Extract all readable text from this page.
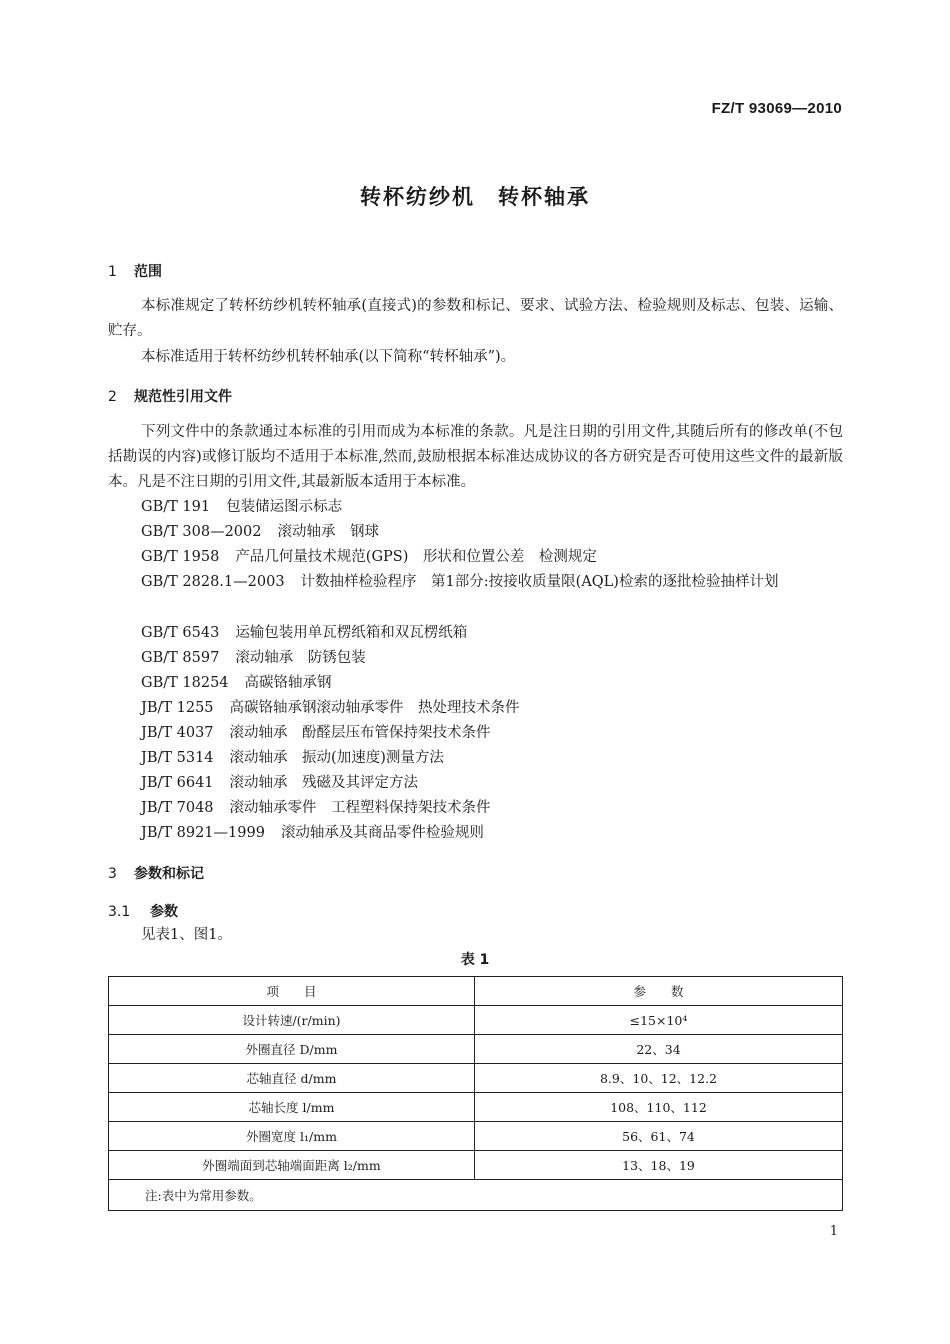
FZ/T 93069—2010
转杯纺纱机　转杯轴承
1 范围
本标准规定了转杯纺纱机转杯轴承(直接式)的参数和标记、要求、试验方法、检验规则及标志、包装、运输、贮存。
本标准适用于转杯纺纱机转杯轴承(以下简称“转杯轴承”)。
2 规范性引用文件
下列文件中的条款通过本标准的引用而成为本标准的条款。凡是注日期的引用文件,其随后所有的修改单(不包括勘误的内容)或修订版均不适用于本标准,然而,鼓励根据本标准达成协议的各方研究是否可使用这些文件的最新版本。凡是不注日期的引用文件,其最新版本适用于本标准。
GB/T 191 包装储运图示标志
GB/T 308—2002 滚动轴承　钢球
GB/T 1958 产品几何量技术规范(GPS)　形状和位置公差　检测规定
GB/T 2828.1—2003 计数抽样检验程序　第1部分:按接收质量限(AQL)检索的逐批检验抽样计划
GB/T 6543 运输包装用单瓦楞纸箱和双瓦楞纸箱
GB/T 8597 滚动轴承　防锈包装
GB/T 18254 高碳铬轴承钢
JB/T 1255 高碳铬轴承钢滚动轴承零件　热处理技术条件
JB/T 4037 滚动轴承　酚醛层压布管保持架技术条件
JB/T 5314 滚动轴承　振动(加速度)测量方法
JB/T 6641 滚动轴承　残磁及其评定方法
JB/T 7048 滚动轴承零件　工程塑料保持架技术条件
JB/T 8921—1999 滚动轴承及其商品零件检验规则
3 参数和标记
3.1 参数
见表1、图1。
表 1
项　　目	参　　数
设计转速/(r/min)	≤15×10⁴
外圈直径 D/mm	22、34
芯轴直径 d/mm	8.9、10、12、12.2
芯轴长度 l/mm	108、110、112
外圈宽度 l₁/mm	56、61、74
外圈端面到芯轴端面距离 l₂/mm	13、18、19
注:表中为常用参数。	
1
